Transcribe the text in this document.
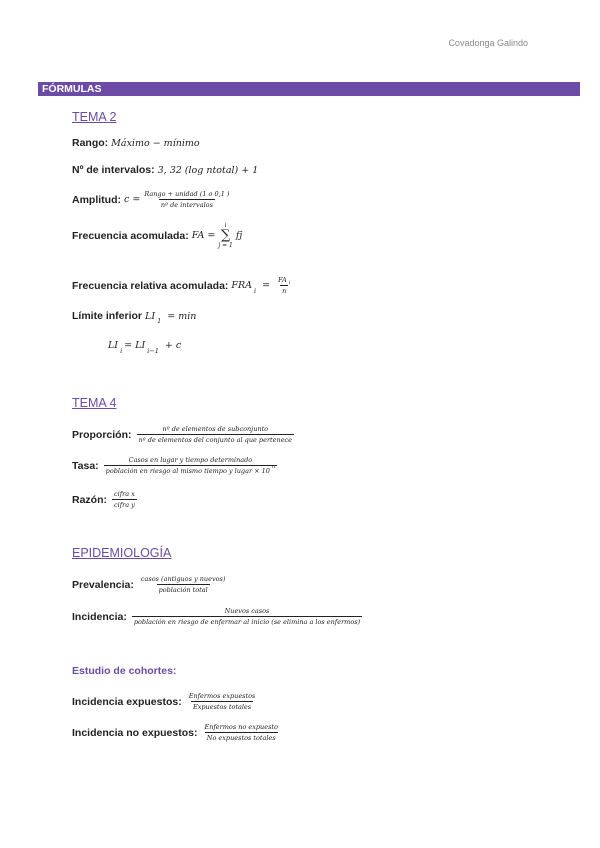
Covadonga Galindo
FÓRMULAS
TEMA 2
Rango: Máximo − mínimo
Nº de intervalos: 3, 32 (log ntotal) + 1
Amplitud: $c = \frac{\text{Rango + unidad (1 o 0,1 )}}{\text{nº de intervalos}}$
Frecuencia acomulada: FA =
i
∑
j = 1
fj
Frecuencia relativa acomulada: FRA $i = \frac{FA _i}{n}$
Límite inferior LI 1 = min
LI i = LI i−1 + c
TEMA 4
Proporción: $\frac{\text{nº de elementos de subconjunto}}{\text{nº de elementos del conjunto al que pertenece}}$
Tasa: $\frac{\text{Casos en lugar y tiempo determinado}}{población en riesgo al mismo tiempo y lugar \times 10 ^n}$
Razón: $\frac{\text{cifra x}}{\text{cifra y}}$
EPIDEMIOLOGÍA
Prevalencia: $\frac{\text{casos (antiguos y nuevos)}}{\text{población total}}$
Incidencia:	Nuevos casos
población en riesgo de enfermar al inicio (se elimina a los enfermos)
Estudio de cohortes:
Incidencia expuestos: $\frac{\text{Enfermos expuestos}}{\text{Expuestos totales}}$
Incidencia no expuestos: $\frac{\text{Enfermos no expuesto}}{\text{No expuestos totales}}$
